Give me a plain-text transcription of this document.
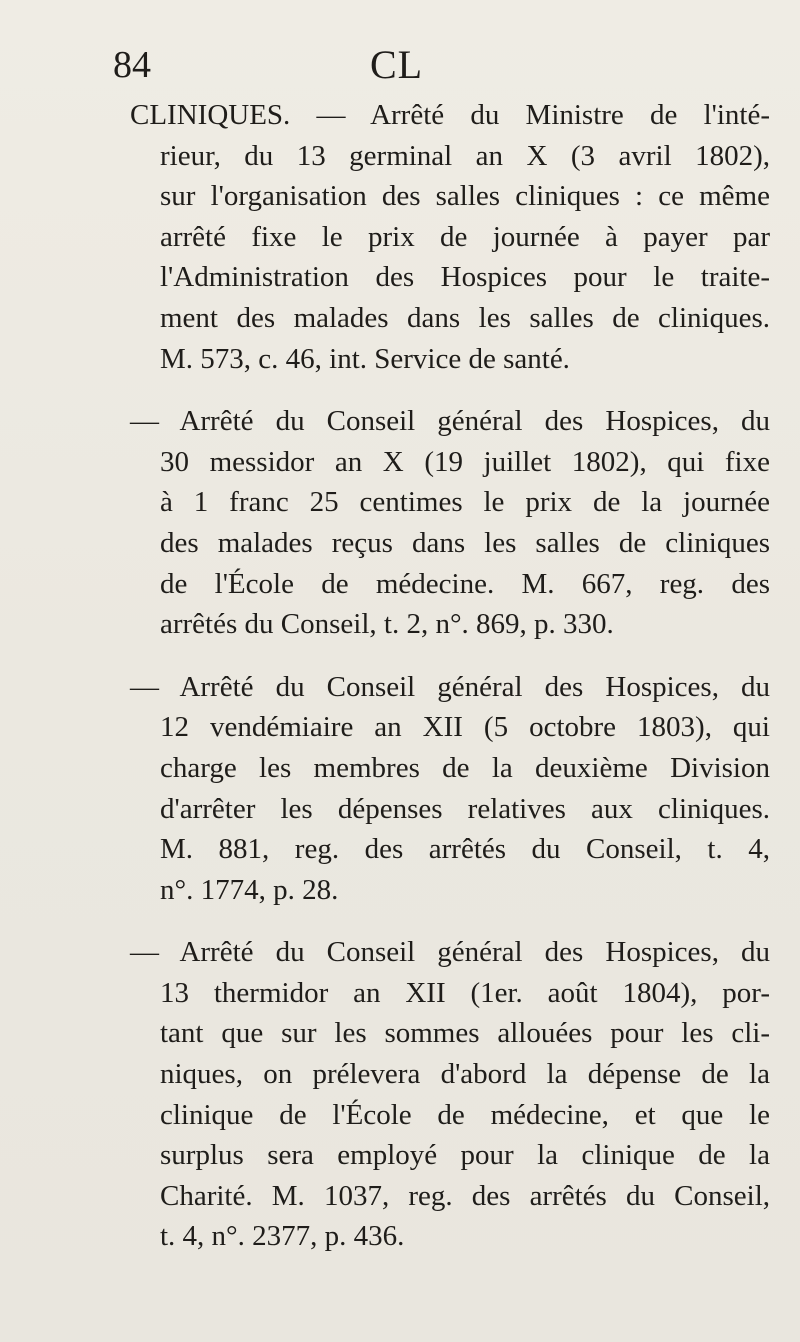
84	CL
CLINIQUES. — Arrêté du Ministre de l'inté-
rieur, du 13 germinal an X (3 avril 1802),
sur l'organisation des salles cliniques : ce même
arrêté fixe le prix de journée à payer par
l'Administration des Hospices pour le traite-
ment des malades dans les salles de cliniques.
M. 573, c. 46, int. Service de santé.
— Arrêté du Conseil général des Hospices, du
30 messidor an X (19 juillet 1802), qui fixe
à 1 franc 25 centimes le prix de la journée
des malades reçus dans les salles de cliniques
de l'École de médecine. M. 667, reg. des
arrêtés du Conseil, t. 2, n°. 869, p. 330.
— Arrêté du Conseil général des Hospices, du
12 vendémiaire an XII (5 octobre 1803), qui
charge les membres de la deuxième Division
d'arrêter les dépenses relatives aux cliniques.
M. 881, reg. des arrêtés du Conseil, t. 4,
n°. 1774, p. 28.
— Arrêté du Conseil général des Hospices, du
13 thermidor an XII (1er. août 1804), por-
tant que sur les sommes allouées pour les cli-
niques, on prélevera d'abord la dépense de la
clinique de l'École de médecine, et que le
surplus sera employé pour la clinique de la
Charité. M. 1037, reg. des arrêtés du Conseil,
t. 4, n°. 2377, p. 436.
